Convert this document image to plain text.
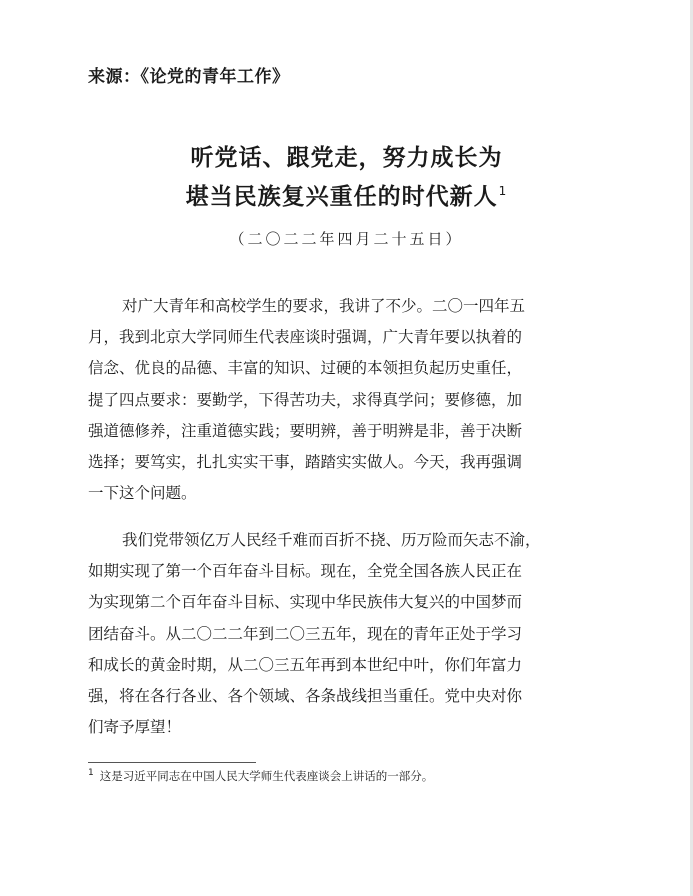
来源：《论党的青年工作》
听党话、跟党走，努力成长为
堪当民族复兴重任的时代新人$^1$
（二〇二二年四月二十五日）
对广大青年和高校学生的要求，我讲了不少。二〇一四年五
月，我到北京大学同师生代表座谈时强调，广大青年要以执着的
信念、优良的品德、丰富的知识、过硬的本领担负起历史重任，
提了四点要求：要勤学，下得苦功夫，求得真学问；要修德，加
强道德修养，注重道德实践；要明辨，善于明辨是非，善于决断
选择；要笃实，扎扎实实干事，踏踏实实做人。今天，我再强调
一下这个问题。
我们党带领亿万人民经千难而百折不挠、历万险而矢志不渝，
如期实现了第一个百年奋斗目标。现在，全党全国各族人民正在
为实现第二个百年奋斗目标、实现中华民族伟大复兴的中国梦而
团结奋斗。从二〇二二年到二〇三五年，现在的青年正处于学习
和成长的黄金时期，从二〇三五年再到本世纪中叶，你们年富力
强，将在各行各业、各个领域、各条战线担当重任。党中央对你
们寄予厚望！
$^1$ 这是习近平同志在中国人民大学师生代表座谈会上讲话的一部分。
